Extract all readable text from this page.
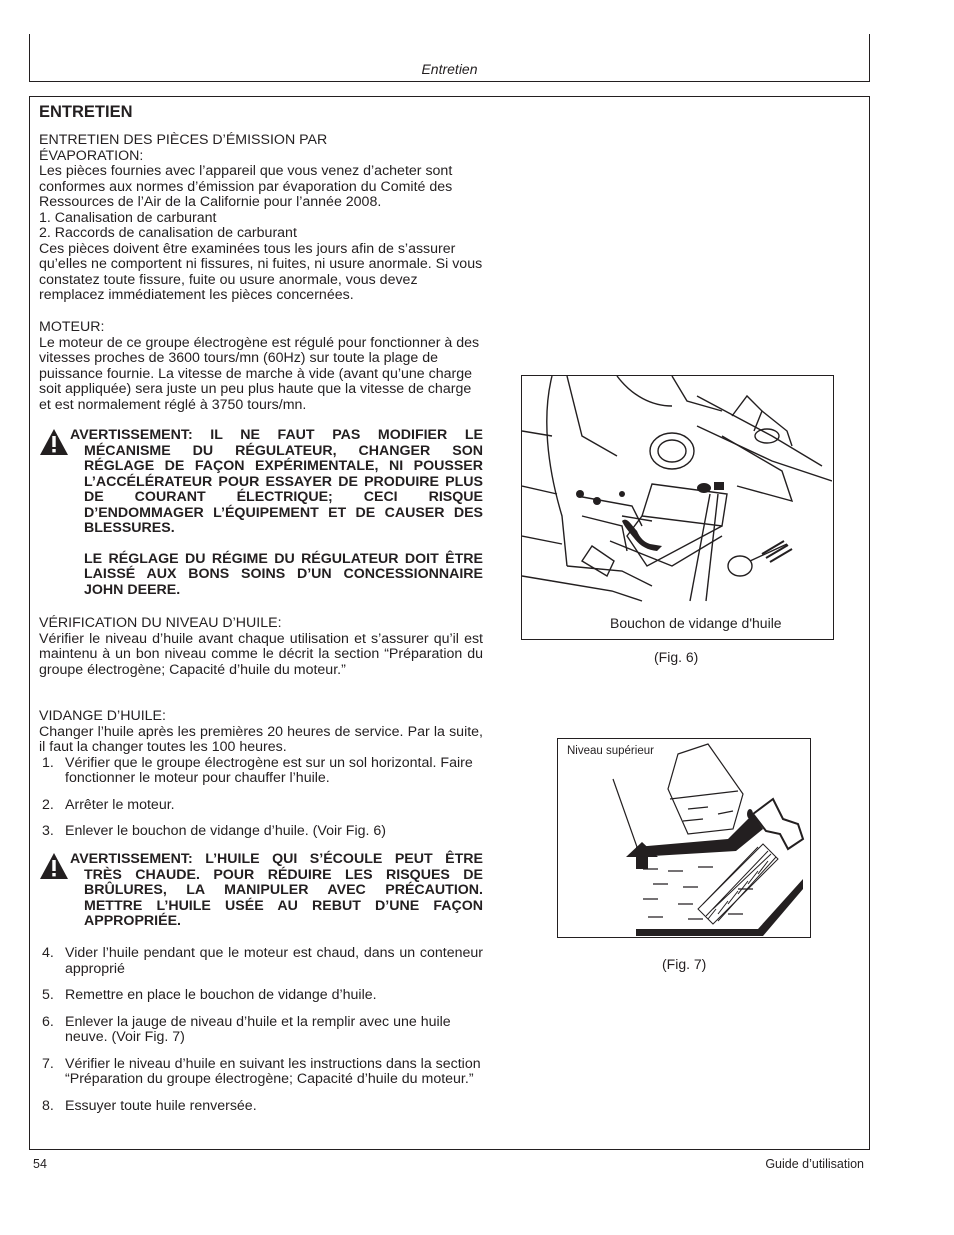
Entretien
ENTRETIEN

ENTRETIEN DES PIÈCES D’ÉMISSION PAR

ÉVAPORATION:

Les pièces fournies avec l’appareil que vous venez d’acheter sont conformes aux normes d’émission par évaporation du Comité des Ressources de l’Air de la Californie pour l’année 2008.

1. Canalisation de carburant

2. Raccords de canalisation de carburant

Ces pièces doivent être examinées tous les jours afin de s’assurer qu’elles ne comportent ni fissures, ni fuites, ni usure anormale. Si vous constatez toute fissure, fuite ou usure anormale, vous devez remplacez immédiatement les pièces concernées.

MOTEUR:

Le moteur de ce groupe électrogène est régulé pour fonctionner à des vitesses proches de 3600 tours/mn (60Hz) sur toute la plage de puissance fournie. La vitesse de marche à vide (avant qu’une charge soit appliquée) sera juste un peu plus haute que la vitesse de charge et est normalement réglé à 3750 tours/mn.

AVERTISSEMENT: IL NE FAUT PAS MODIFIER LE
MÉCANISME DU RÉGULATEUR, CHANGER SON RÉGLAGE DE FAÇON EXPÉRIMENTALE, NI POUSSER L’ACCÉLÉRATEUR POUR ESSAYER DE PRODUIRE PLUS DE COURANT ÉLECTRIQUE; CECI RISQUE D’ENDOMMAGER L’ÉQUIPEMENT ET DE CAUSER DES BLESSURES.
LE RÉGLAGE DU RÉGIME DU RÉGULATEUR DOIT ÊTRE LAISSÉ AUX BONS SOINS D’UN CONCESSIONNAIRE JOHN DEERE.

VÉRIFICATION DU NIVEAU D’HUILE:

Vérifier le niveau d’huile avant chaque utilisation et s’assurer qu’il est maintenu à un bon niveau comme le décrit la section “Préparation du groupe électrogène; Capacité d’huile du moteur.”

VIDANGE D’HUILE:

Changer l’huile après les premières 20 heures de service. Par la suite, il faut la changer toutes les 100 heures.

1. Vérifier que le groupe électrogène est sur un sol horizontal. Faire fonctionner le moteur pour chauffer l’huile.
2. Arrêter le moteur.
3. Enlever le bouchon de vidange d’huile. (Voir Fig. 6)
AVERTISSEMENT: L’HUILE QUI S’ÉCOULE PEUT ÊTRE
TRÈS CHAUDE. POUR RÉDUIRE LES RISQUES DE BRÛLURES, LA MANIPULER AVEC PRÉCAUTION. METTRE L’HUILE USÉE AU REBUT D’UNE FAÇON APPROPRIÉE.
4. Vider l’huile pendant que le moteur est chaud, dans un conteneur approprié
5. Remettre en place le bouchon de vidange d’huile.
6. Enlever la jauge de niveau d’huile et la remplir avec une huile neuve. (Voir Fig. 7)
7. Vérifier le niveau d’huile en suivant les instructions dans la section “Préparation du groupe électrogène; Capacité d’huile du moteur.”
8. Essuyer toute huile renversée.
Bouchon de vidange d'huile
(Fig. 6)
Niveau supérieur
(Fig. 7)
54	Guide d’utilisation
